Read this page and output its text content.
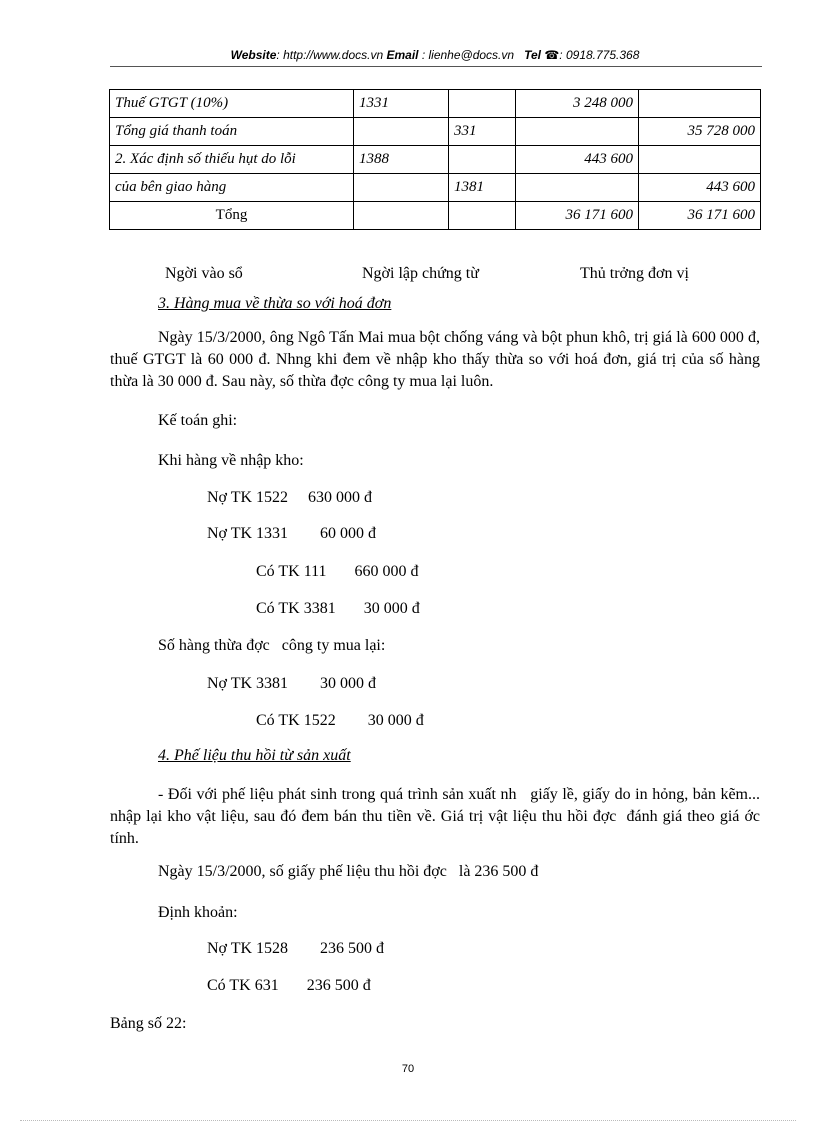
Website: http://www.docs.vn Email : lienhe@docs.vn Tel ☎: 0918.775.368
Thuế GTGT (10%)	1331		3 248 000	
Tổng giá thanh toán		331		35 728 000
2. Xác định số thiếu hụt do lỗi	1388		443 600	
của bên giao hàng		1381		443 600
Tổng			36 171 600	36 171 600
Ngời vào sổ	Ngời lập chứng từ	Thủ trởng đơn vị
3. Hàng mua về thừa so với hoá đơn
Ngày 15/3/2000, ông Ngô Tấn Mai mua bột chống váng và bột phun khô, trị giá là 600 000 đ, thuế GTGT là 60 000 đ. Nhng khi đem về nhập kho thấy thừa so với hoá đơn, giá trị của số hàng thừa là 30 000 đ. Sau này, số thừa đợc công ty mua lại luôn.
Kế toán ghi:
Khi hàng về nhập kho:
Nợ TK 1522     630 000 đ
Nợ TK 1331        60 000 đ
Có TK 111       660 000 đ
Có TK 3381       30 000 đ
Số hàng thừa đợc   công ty mua lại:
Nợ TK 3381        30 000 đ
Có TK 1522        30 000 đ
4. Phế liệu thu hồi từ sản xuất
- Đối với phế liệu phát sinh trong quá trình sản xuất nh   giấy lề, giấy do in hỏng, bản kẽm... nhập lại kho vật liệu, sau đó đem bán thu tiền về. Giá trị vật liệu thu hồi đợc  đánh giá theo giá ớc  tính.
Ngày 15/3/2000, số giấy phế liệu thu hồi đợc   là 236 500 đ
Định khoản:
Nợ TK 1528        236 500 đ
Có TK 631       236 500 đ
Bảng số 22:
70
